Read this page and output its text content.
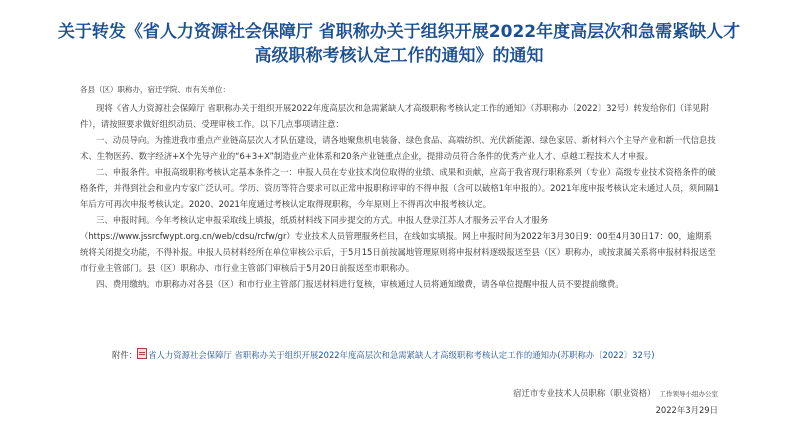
关于转发《省人力资源社会保障厅 省职称办关于组织开展2022年度高层次和急需紧缺人才
高级职称考核认定工作的通知》的通知
各县（区）职称办，宿迁学院、市有关单位：

现将《省人力资源社会保障厅 省职称办关于组织开展2022年度高层次和急需紧缺人才高级职称考核认定工作的通知》（苏职称办〔2022〕32号）转发给你们（详见附件），请按照要求做好组织动员、受理审核工作。以下几点事项请注意：

一、动员导向。为推进我市重点产业链高层次人才队伍建设，请各地聚焦机电装备、绿色食品、高端纺织、光伏新能源、绿色家居、新材料六个主导产业和新一代信息技术、生物医药、数字经济+X个先导产业的“6+3+X”制造业产业体系和20条产业链重点企业，提排动员符合条件的优秀产业人才、卓越工程技术人才申报。

二、申报条件。申报高级职称考核认定基本条件之一：申报人员在专业技术岗位取得的业绩、成果和贡献，应高于我省现行职称系列（专业）高级专业技术资格条件的破格条件，并得到社会和业内专家广泛认可。学历、资历等符合要求可以正常申报职称评审的不得申报（含可以破格1年申报的）。2021年度申报考核认定未通过人员，须间隔1年后方可再次申报考核认定。2020、2021年度通过考核认定取得现职称，今年原则上不得再次申报考核认定。

三、申报时间。今年考核认定申报采取线上填报，纸质材料线下同步提交的方式。申报人登录江苏人才服务云平台人才服务（https://www.jssrcfwypt.org.cn/web/cdsu/rcfw/gr）专业技术人员管理服务栏目，在线如实填报。网上申报时间为2022年3月30日9：00至4月30日17：00，逾期系统将关闭提交功能，不得补报。申报人员材料经所在单位审核公示后，于5月15日前按属地管理原则将申报材料逐级报送至县（区）职称办，或按隶属关系将申报材料报送至市行业主管部门。县（区）职称办、市行业主管部门审核后于5月20日前报送至市职称办。

四、费用缴纳。市职称办对各县（区）和市行业主管部门报送材料进行复核，审核通过人员将通知缴费，请各单位提醒申报人员不要提前缴费。

附件： 省人力资源社会保障厅 省职称办关于组织开展2022年度高层次和急需紧缺人才高级职称考核认定工作的通知办(苏职称办〔2022〕32号)
宿迁市专业技术人员职称（职业资格） 工作领导小组办公室
2022年3月29日
